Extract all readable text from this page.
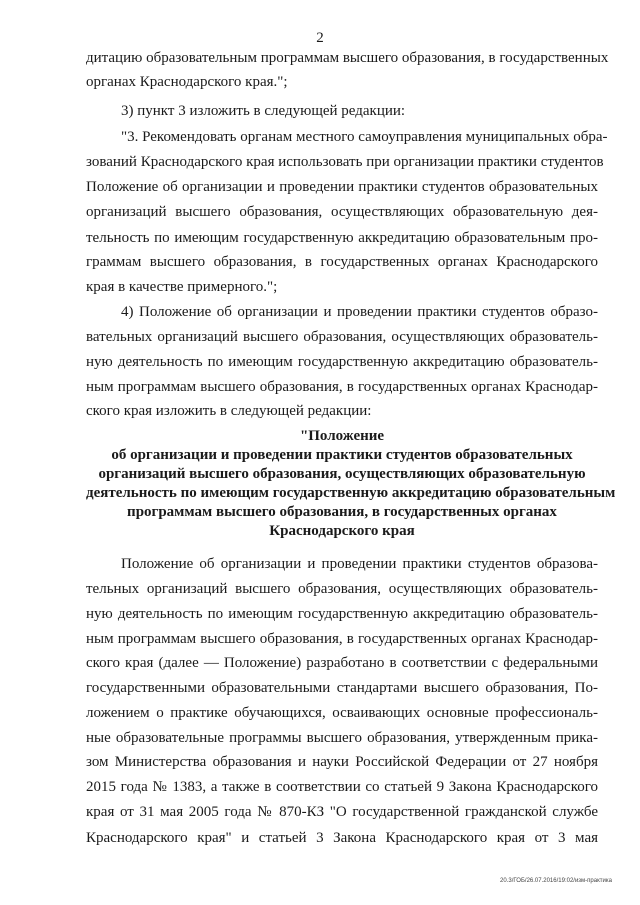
2
дитацию образовательным программам высшего образования, в государственных
органах Краснодарского края.";
3) пункт 3 изложить в следующей редакции:
"3. Рекомендовать органам местного самоуправления муниципальных обра-
зований Краснодарского края использовать при организации практики студентов
Положение об организации и проведении практики студентов образовательных
организаций высшего образования, осуществляющих образовательную дея-
тельность по имеющим государственную аккредитацию образовательным про-
граммам высшего образования, в государственных органах Краснодарского
края в качестве примерного.";
4) Положение об организации и проведении практики студентов образо-
вательных организаций высшего образования, осуществляющих образователь-
ную деятельность по имеющим государственную аккредитацию образователь-
ным программам высшего образования, в государственных органах Краснодар-
ского края изложить в следующей редакции:
"Положение
об организации и проведении практики студентов образовательных
организаций высшего образования, осуществляющих образовательную
деятельность по имеющим государственную аккредитацию образовательным
программам высшего образования, в государственных органах
Краснодарского края
Положение об организации и проведении практики студентов образова-
тельных организаций высшего образования, осуществляющих образователь-
ную деятельность по имеющим государственную аккредитацию образователь-
ным программам высшего образования, в государственных органах Краснодар-
ского края (далее — Положение) разработано в соответствии с федеральными
государственными образовательными стандартами высшего образования, По-
ложением о практике обучающихся, осваивающих основные профессиональ-
ные образовательные программы высшего образования, утвержденным прика-
зом Министерства образования и науки Российской Федерации от 27 ноября
2015 года № 1383, а также в соответствии со статьей 9 Закона Краснодарского
края от 31 мая 2005 года № 870-КЗ "О государственной гражданской службе
Краснодарского края" и статьей 3 Закона Краснодарского края от 3 мая
20.3/ГОБ/26.07.2016/19:02/изм-практика
